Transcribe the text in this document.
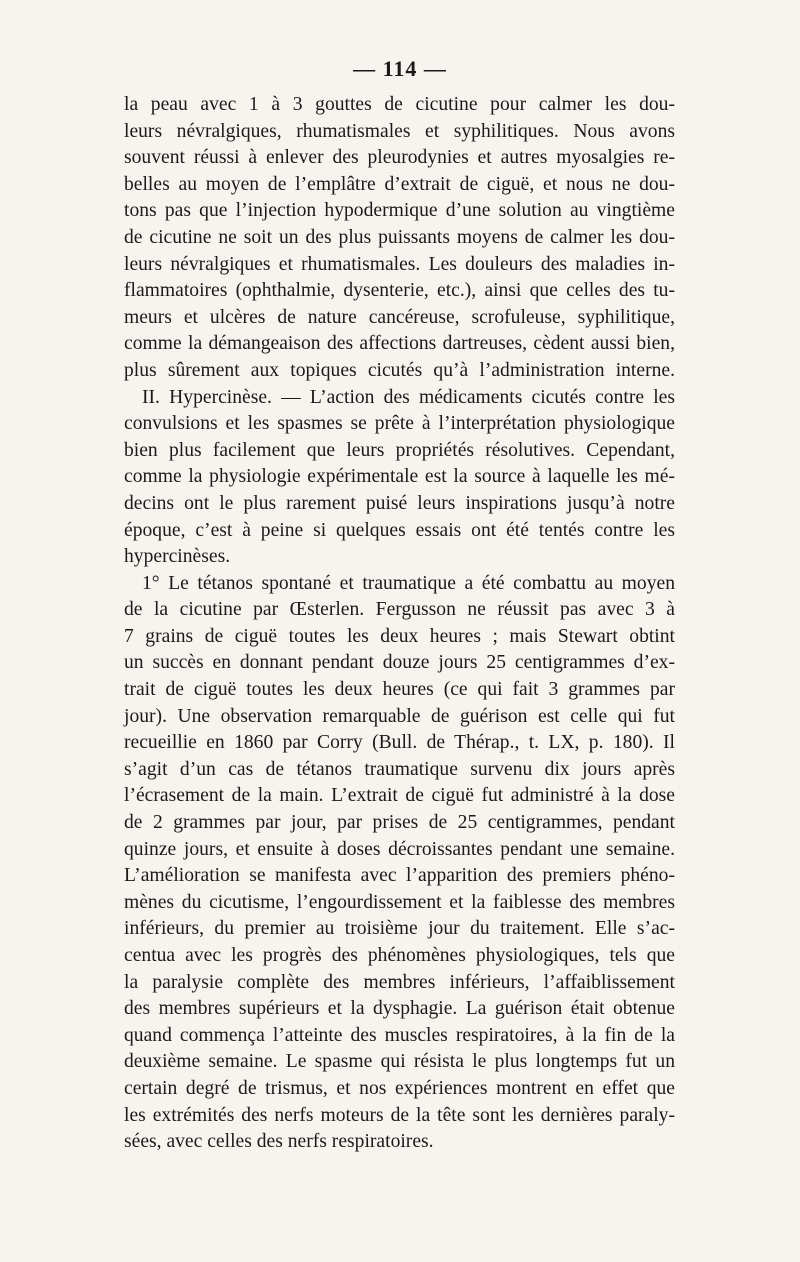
— 114 —
la peau avec 1 à 3 gouttes de cicutine pour calmer les dou-
leurs névralgiques, rhumatismales et syphilitiques. Nous avons
souvent réussi à enlever des pleurodynies et autres myosalgies re-
belles au moyen de l’emplâtre d’extrait de ciguë, et nous ne dou-
tons pas que l’injection hypodermique d’une solution au vingtième
de cicutine ne soit un des plus puissants moyens de calmer les dou-
leurs névralgiques et rhumatismales. Les douleurs des maladies in-
flammatoires (ophthalmie, dysenterie, etc.), ainsi que celles des tu-
meurs et ulcères de nature cancéreuse, scrofuleuse, syphilitique,
comme la démangeaison des affections dartreuses, cèdent aussi bien,
plus sûrement aux topiques cicutés qu’à l’administration interne.
II. Hypercinèse. — L’action des médicaments cicutés contre les
convulsions et les spasmes se prête à l’interprétation physiologique
bien plus facilement que leurs propriétés résolutives. Cependant,
comme la physiologie expérimentale est la source à laquelle les mé-
decins ont le plus rarement puisé leurs inspirations jusqu’à notre
époque, c’est à peine si quelques essais ont été tentés contre les
hypercinèses.
1° Le tétanos spontané et traumatique a été combattu au moyen
de la cicutine par Œsterlen. Fergusson ne réussit pas avec 3 à
7 grains de ciguë toutes les deux heures ; mais Stewart obtint
un succès en donnant pendant douze jours 25 centigrammes d’ex-
trait de ciguë toutes les deux heures (ce qui fait 3 grammes par
jour). Une observation remarquable de guérison est celle qui fut
recueillie en 1860 par Corry (Bull. de Thérap., t. LX, p. 180). Il
s’agit d’un cas de tétanos traumatique survenu dix jours après
l’écrasement de la main. L’extrait de ciguë fut administré à la dose
de 2 grammes par jour, par prises de 25 centigrammes, pendant
quinze jours, et ensuite à doses décroissantes pendant une semaine.
L’amélioration se manifesta avec l’apparition des premiers phéno-
mènes du cicutisme, l’engourdissement et la faiblesse des membres
inférieurs, du premier au troisième jour du traitement. Elle s’ac-
centua avec les progrès des phénomènes physiologiques, tels que
la paralysie complète des membres inférieurs, l’affaiblissement
des membres supérieurs et la dysphagie. La guérison était obtenue
quand commença l’atteinte des muscles respiratoires, à la fin de la
deuxième semaine. Le spasme qui résista le plus longtemps fut un
certain degré de trismus, et nos expériences montrent en effet que
les extrémités des nerfs moteurs de la tête sont les dernières paraly-
sées, avec celles des nerfs respiratoires.
